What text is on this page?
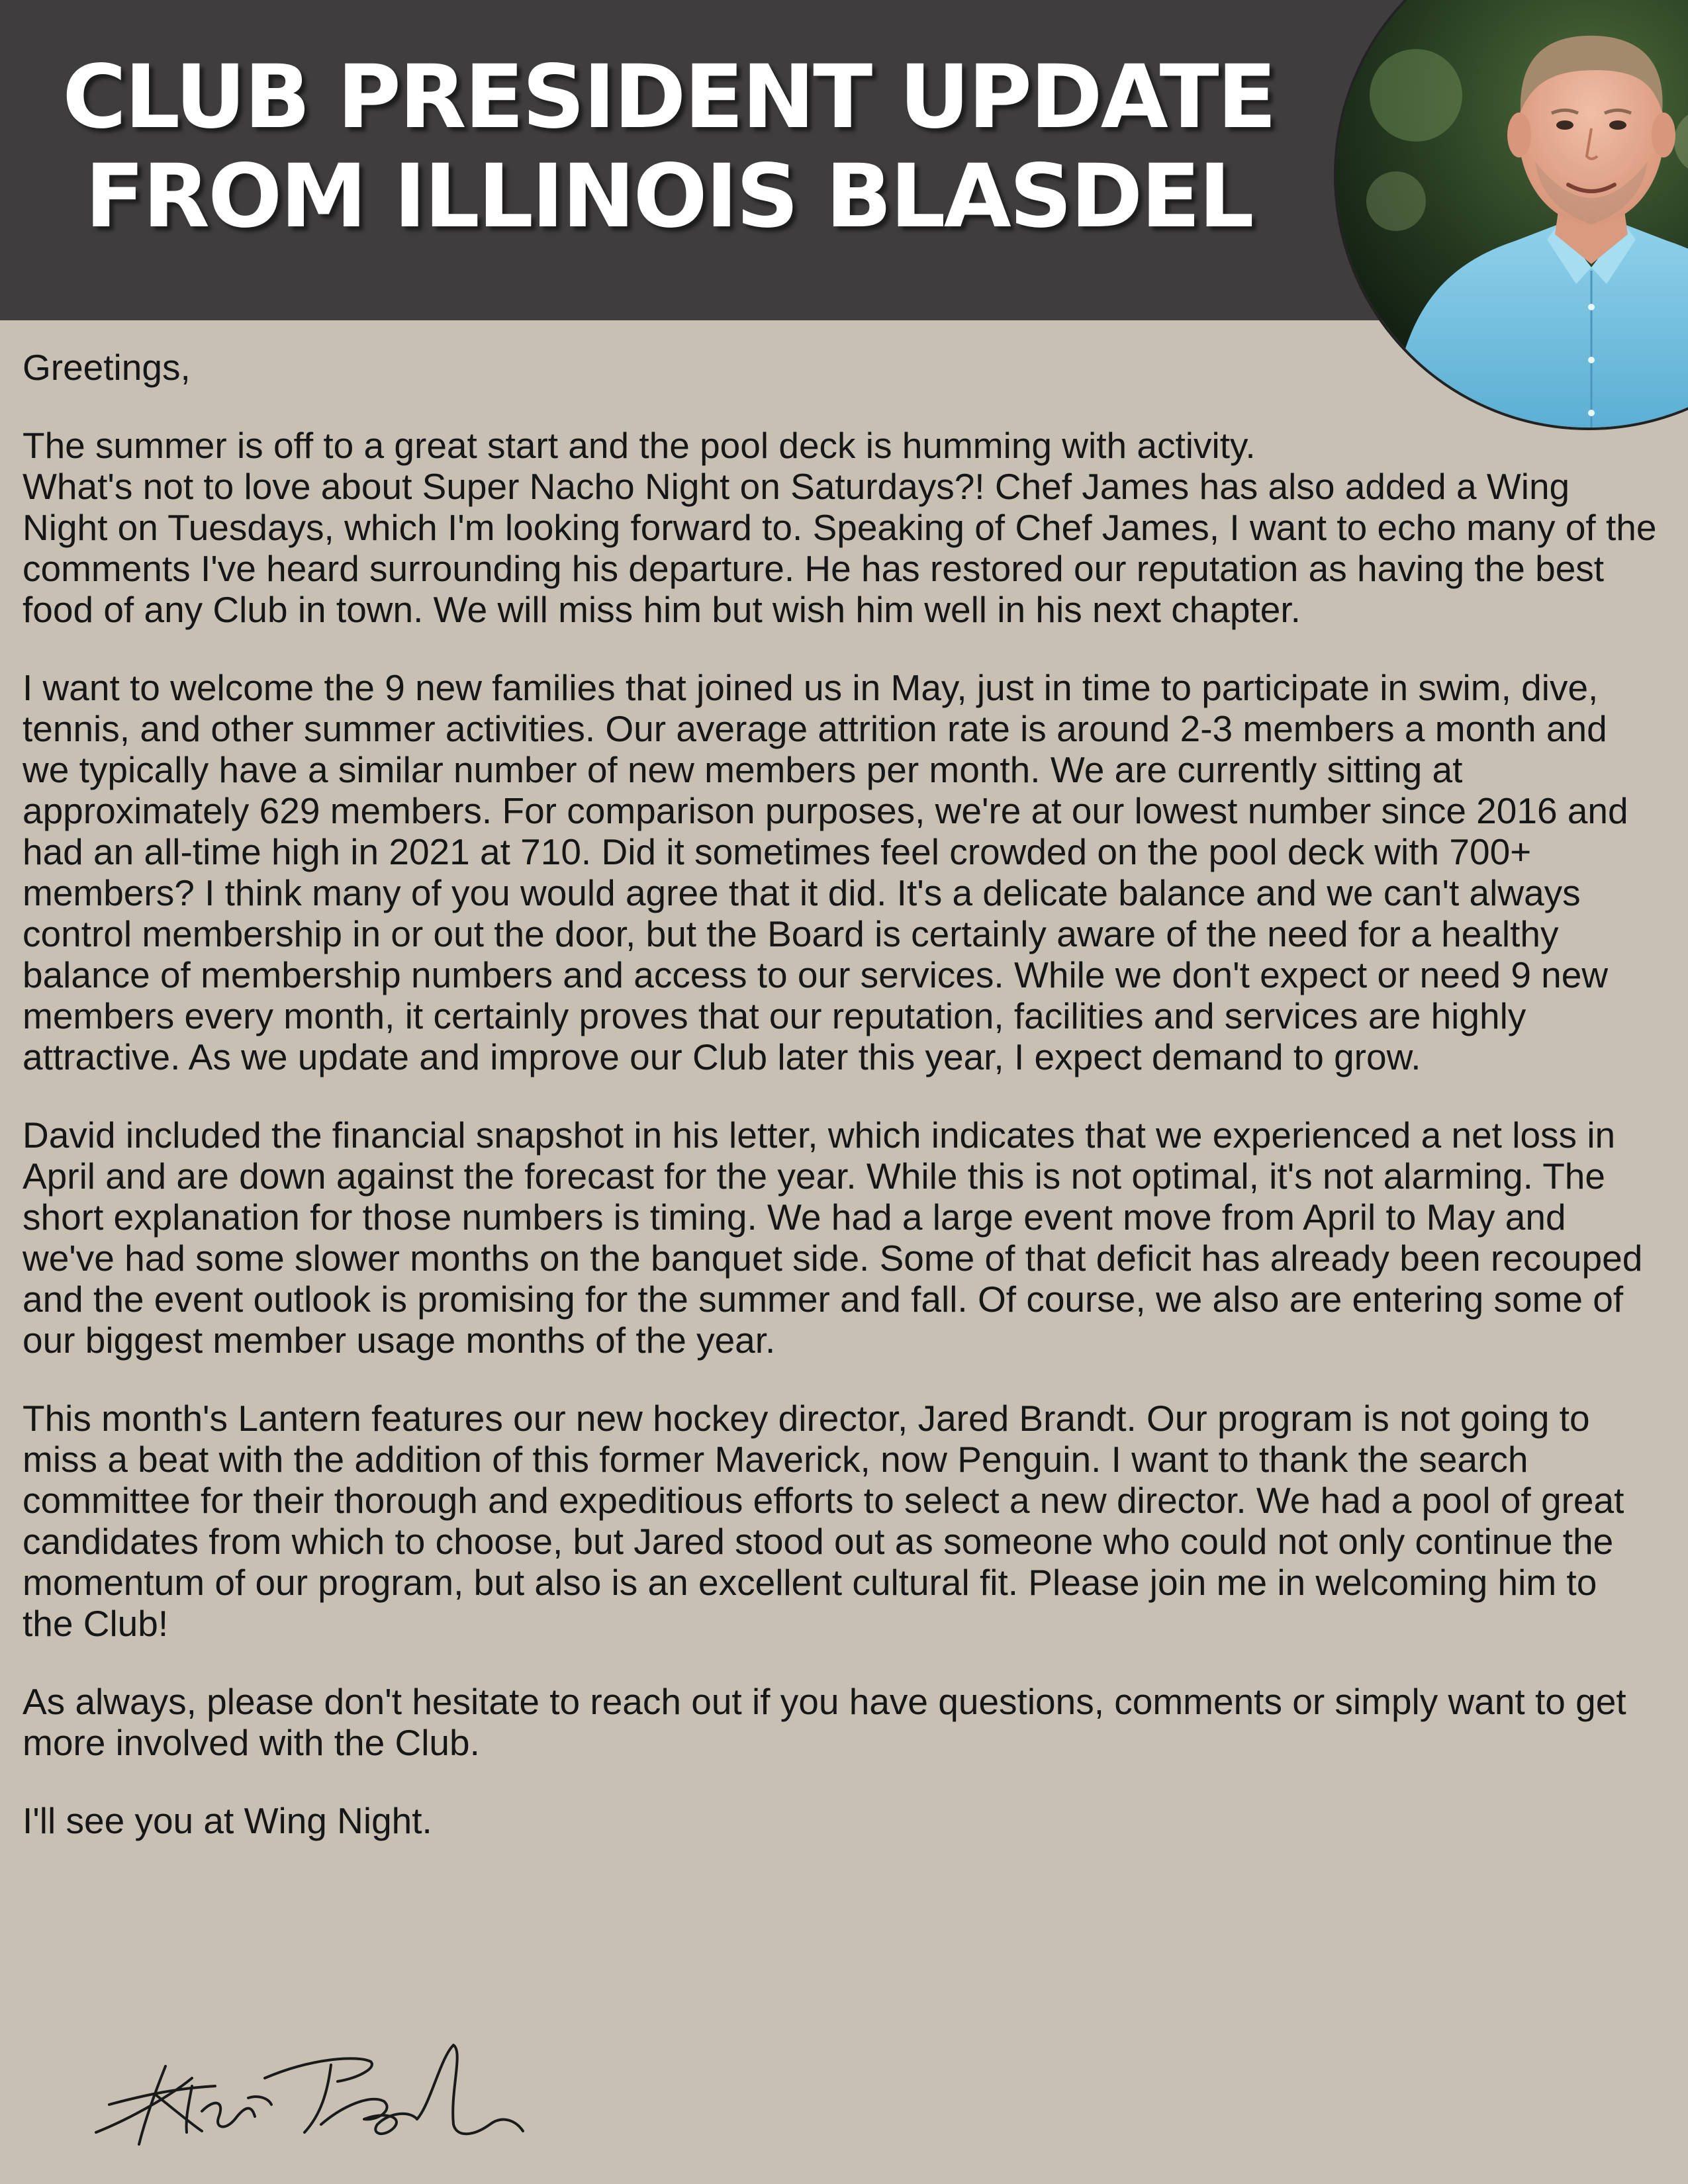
CLUB PRESIDENT UPDATE
FROM ILLINOIS BLASDEL

Greetings,

The summer is off to a great start and the pool deck is humming with activity.
What's not to love about Super Nacho Night on Saturdays?! Chef James has also added a Wing Night on Tuesdays, which I'm looking forward to. Speaking of Chef James, I want to echo many of the comments I've heard surrounding his departure. He has restored our reputation as having the best food of any Club in town. We will miss him but wish him well in his next chapter.

I want to welcome the 9 new families that joined us in May, just in time to participate in swim, dive, tennis, and other summer activities. Our average attrition rate is around 2-3 members a month and we typically have a similar number of new members per month. We are currently sitting at approximately 629 members. For comparison purposes, we're at our lowest number since 2016 and had an all-time high in 2021 at 710. Did it sometimes feel crowded on the pool deck with 700+ members? I think many of you would agree that it did. It's a delicate balance and we can't always control membership in or out the door, but the Board is certainly aware of the need for a healthy balance of membership numbers and access to our services. While we don't expect or need 9 new members every month, it certainly proves that our reputation, facilities and services are highly attractive. As we update and improve our Club later this year, I expect demand to grow.

David included the financial snapshot in his letter, which indicates that we experienced a net loss in April and are down against the forecast for the year. While this is not optimal, it's not alarming. The short explanation for those numbers is timing. We had a large event move from April to May and we've had some slower months on the banquet side. Some of that deficit has already been recouped and the event outlook is promising for the summer and fall. Of course, we also are entering some of our biggest member usage months of the year.

This month's Lantern features our new hockey director, Jared Brandt. Our program is not going to miss a beat with the addition of this former Maverick, now Penguin. I want to thank the search committee for their thorough and expeditious efforts to select a new director. We had a pool of great candidates from which to choose, but Jared stood out as someone who could not only continue the momentum of our program, but also is an excellent cultural fit. Please join me in welcoming him to the Club!

As always, please don't hesitate to reach out if you have questions, comments or simply want to get more involved with the Club.

I'll see you at Wing Night.
